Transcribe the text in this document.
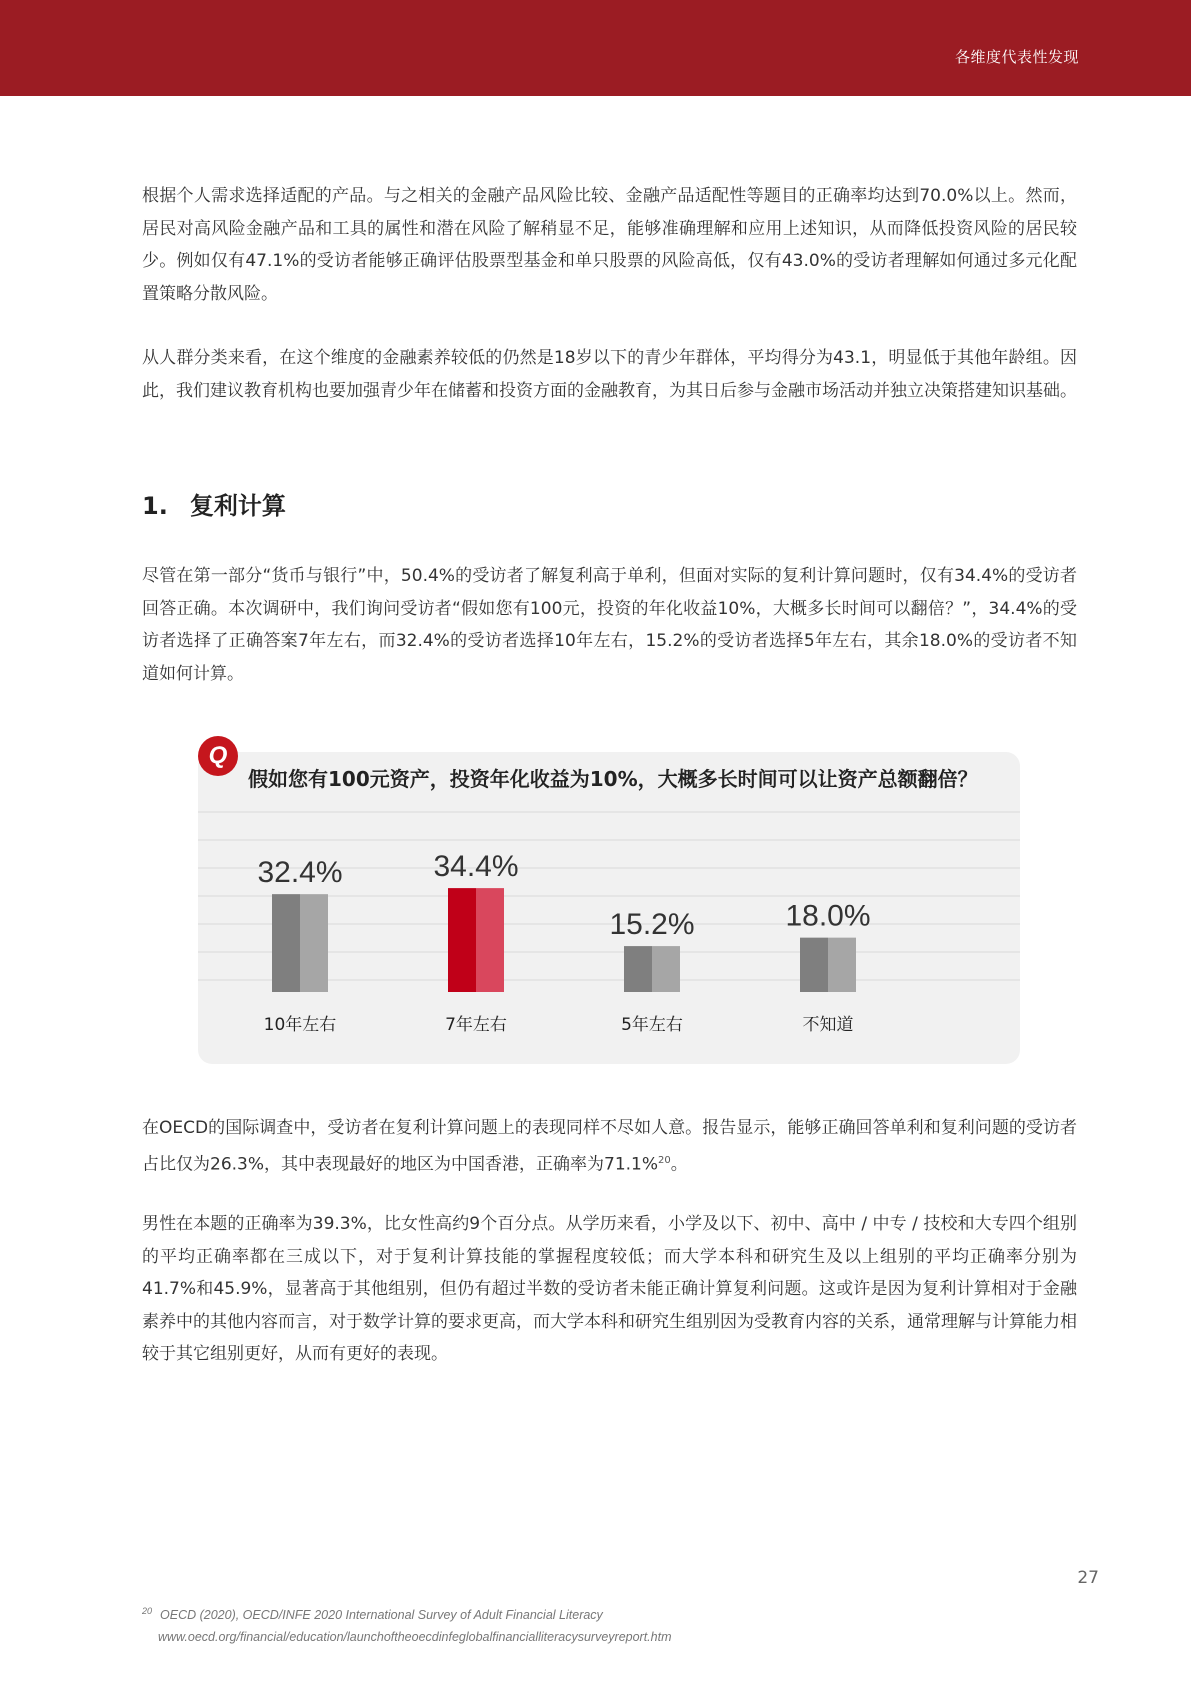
各维度代表性发现

根据个人需求选择适配的产品。与之相关的金融产品风险比较、金融产品适配性等题目的正确率均达到70.0%以上。然而，居民对高风险金融产品和工具的属性和潜在风险了解稍显不足，能够准确理解和应用上述知识，从而降低投资风险的居民较少。例如仅有47.1%的受访者能够正确评估股票型基金和单只股票的风险高低，仅有43.0%的受访者理解如何通过多元化配置策略分散风险。

从人群分类来看，在这个维度的金融素养较低的仍然是18岁以下的青少年群体，平均得分为43.1，明显低于其他年龄组。因此，我们建议教育机构也要加强青少年在储蓄和投资方面的金融教育，为其日后参与金融市场活动并独立决策搭建知识基础。

1. 复利计算

尽管在第一部分“货币与银行”中，50.4%的受访者了解复利高于单利，但面对实际的复利计算问题时，仅有34.4%的受访者回答正确。本次调研中，我们询问受访者“假如您有100元，投资的年化收益10%，大概多长时间可以翻倍？”，34.4%的受访者选择了正确答案7年左右，而32.4%的受访者选择10年左右，15.2%的受访者选择5年左右，其余18.0%的受访者不知道如何计算。

32.4%	34.4%
15.2%	18.0%
10年左右	7年左右	5年左右	不知道
Q

假如您有100元资产，投资年化收益为10%，大概多长时间可以让资产总额翻倍？

在OECD的国际调查中，受访者在复利计算问题上的表现同样不尽如人意。报告显示，能够正确回答单利和复利问题的受访者占比仅为26.3%，其中表现最好的地区为中国香港，正确率为71.1%$^{20}$。

男性在本题的正确率为39.3%，比女性高约9个百分点。从学历来看，小学及以下、初中、高中 / 中专 / 技校和大专四个组别的平均正确率都在三成以下，对于复利计算技能的掌握程度较低；而大学本科和研究生及以上组别的平均正确率分别为41.7%和45.9%，显著高于其他组别，但仍有超过半数的受访者未能正确计算复利问题。这或许是因为复利计算相对于金融素养中的其他内容而言，对于数学计算的要求更高，而大学本科和研究生组别因为受教育内容的关系，通常理解与计算能力相较于其它组别更好，从而有更好的表现。

27
$^{20}$ OECD (2020), OECD/INFE 2020 International Survey of Adult Financial Literacy
www.oecd.org/financial/education/launchoftheoecdinfeglobalfinancialliteracysurveyreport.htm
